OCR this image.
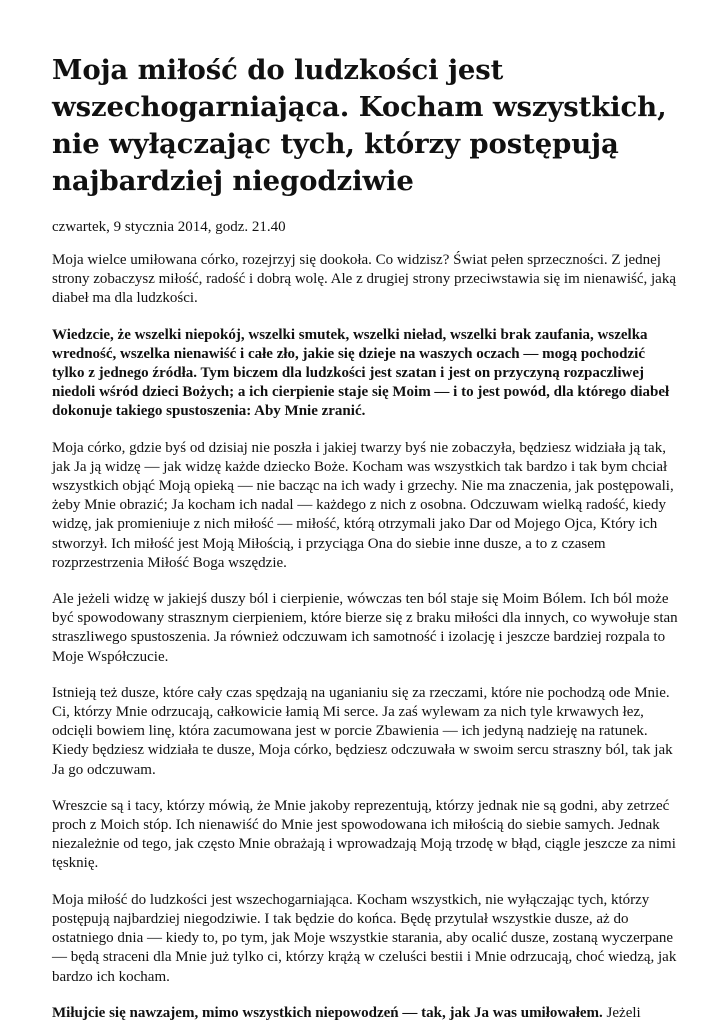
Moja miłość do ludzkości jest wszechogarniająca. Kocham wszystkich, nie wyłączając tych, którzy postępują najbardziej niegodziwie
czwartek, 9 stycznia 2014, godz. 21.40

Moja wielce umiłowana córko, rozejrzyj się dookoła. Co widzisz? Świat pełen sprzeczności. Z jednej strony zobaczysz miłość, radość i dobrą wolę. Ale z drugiej strony przeciwstawia się im nienawiść, jaką diabeł ma dla ludzkości.

Wiedzcie, że wszelki niepokój, wszelki smutek, wszelki nieład, wszelki brak zaufania, wszelka wredność, wszelka nienawiść i całe zło, jakie się dzieje na waszych oczach — mogą pochodzić tylko z jednego źródła. Tym biczem dla ludzkości jest szatan i jest on przyczyną rozpaczliwej niedoli wśród dzieci Bożych; a ich cierpienie staje się Moim — i to jest powód, dla którego diabeł dokonuje takiego spustoszenia: Aby Mnie zranić.

Moja córko, gdzie byś od dzisiaj nie poszła i jakiej twarzy byś nie zobaczyła, będziesz widziała ją tak, jak Ja ją widzę — jak widzę każde dziecko Boże. Kocham was wszystkich tak bardzo i tak bym chciał wszystkich objąć Moją opieką — nie bacząc na ich wady i grzechy. Nie ma znaczenia, jak postępowali, żeby Mnie obrazić; Ja kocham ich nadal — każdego z nich z osobna. Odczuwam wielką radość, kiedy widzę, jak promieniuje z nich miłość — miłość, którą otrzymali jako Dar od Mojego Ojca, Który ich stworzył. Ich miłość jest Moją Miłością, i przyciąga Ona do siebie inne dusze, a to z czasem rozprzestrzenia Miłość Boga wszędzie.

Ale jeżeli widzę w jakiejś duszy ból i cierpienie, wówczas ten ból staje się Moim Bólem. Ich ból może być spowodowany strasznym cierpieniem, które bierze się z braku miłości dla innych, co wywołuje stan straszliwego spustoszenia. Ja również odczuwam ich samotność i izolację i jeszcze bardziej rozpala to Moje Współczucie.

Istnieją też dusze, które cały czas spędzają na uganianiu się za rzeczami, które nie pochodzą ode Mnie. Ci, którzy Mnie odrzucają, całkowicie łamią Mi serce. Ja zaś wylewam za nich tyle krwawych łez, odcięli bowiem linę, która zacumowana jest w porcie Zbawienia — ich jedyną nadzieję na ratunek. Kiedy będziesz widziała te dusze, Moja córko, będziesz odczuwała w swoim sercu straszny ból, tak jak Ja go odczuwam.

Wreszcie są i tacy, którzy mówią, że Mnie jakoby reprezentują, którzy jednak nie są godni, aby zetrzeć proch z Moich stóp. Ich nienawiść do Mnie jest spowodowana ich miłością do siebie samych. Jednak niezależnie od tego, jak często Mnie obrażają i wprowadzają Moją trzodę w błąd, ciągle jeszcze za nimi tęsknię.

Moja miłość do ludzkości jest wszechogarniająca. Kocham wszystkich, nie wyłączając tych, którzy postępują najbardziej niegodziwie. I tak będzie do końca. Będę przytulał wszystkie dusze, aż do ostatniego dnia — kiedy to, po tym, jak Moje wszystkie starania, aby ocalić dusze, zostaną wyczerpane — będą straceni dla Mnie już tylko ci, którzy krążą w czeluści bestii i Mnie odrzucają, choć wiedzą, jak bardzo ich kocham.

Miłujcie się nawzajem, mimo wszystkich niepowodzeń — tak, jak Ja was umiłowałem. Jeżeli
